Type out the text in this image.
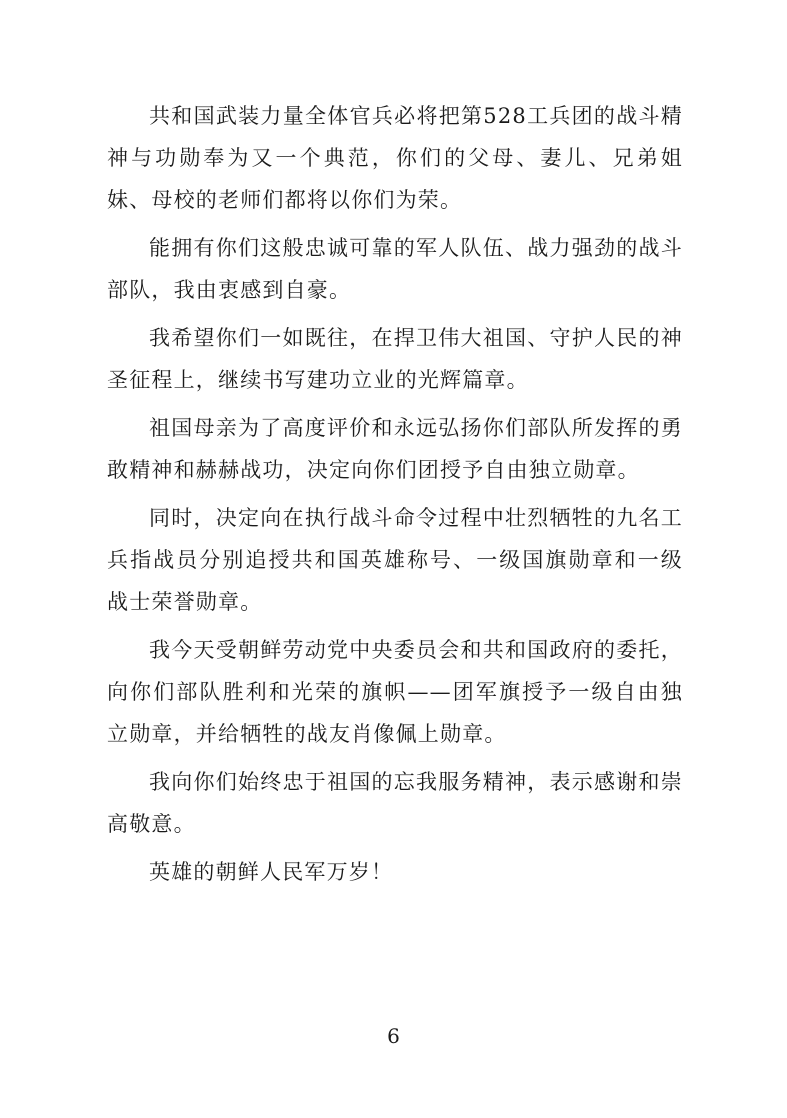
共和国武装力量全体官兵必将把第528工兵团的战斗精神与功勋奉为又一个典范，你们的父母、妻儿、兄弟姐妹、母校的老师们都将以你们为荣。

能拥有你们这般忠诚可靠的军人队伍、战力强劲的战斗部队，我由衷感到自豪。

我希望你们一如既往，在捍卫伟大祖国、守护人民的神圣征程上，继续书写建功立业的光辉篇章。

祖国母亲为了高度评价和永远弘扬你们部队所发挥的勇敢精神和赫赫战功，决定向你们团授予自由独立勋章。

同时，决定向在执行战斗命令过程中壮烈牺牲的九名工兵指战员分别追授共和国英雄称号、一级国旗勋章和一级战士荣誉勋章。

我今天受朝鲜劳动党中央委员会和共和国政府的委托，向你们部队胜利和光荣的旗帜——团军旗授予一级自由独立勋章，并给牺牲的战友肖像佩上勋章。

我向你们始终忠于祖国的忘我服务精神，表示感谢和崇高敬意。

英雄的朝鲜人民军万岁！

6
